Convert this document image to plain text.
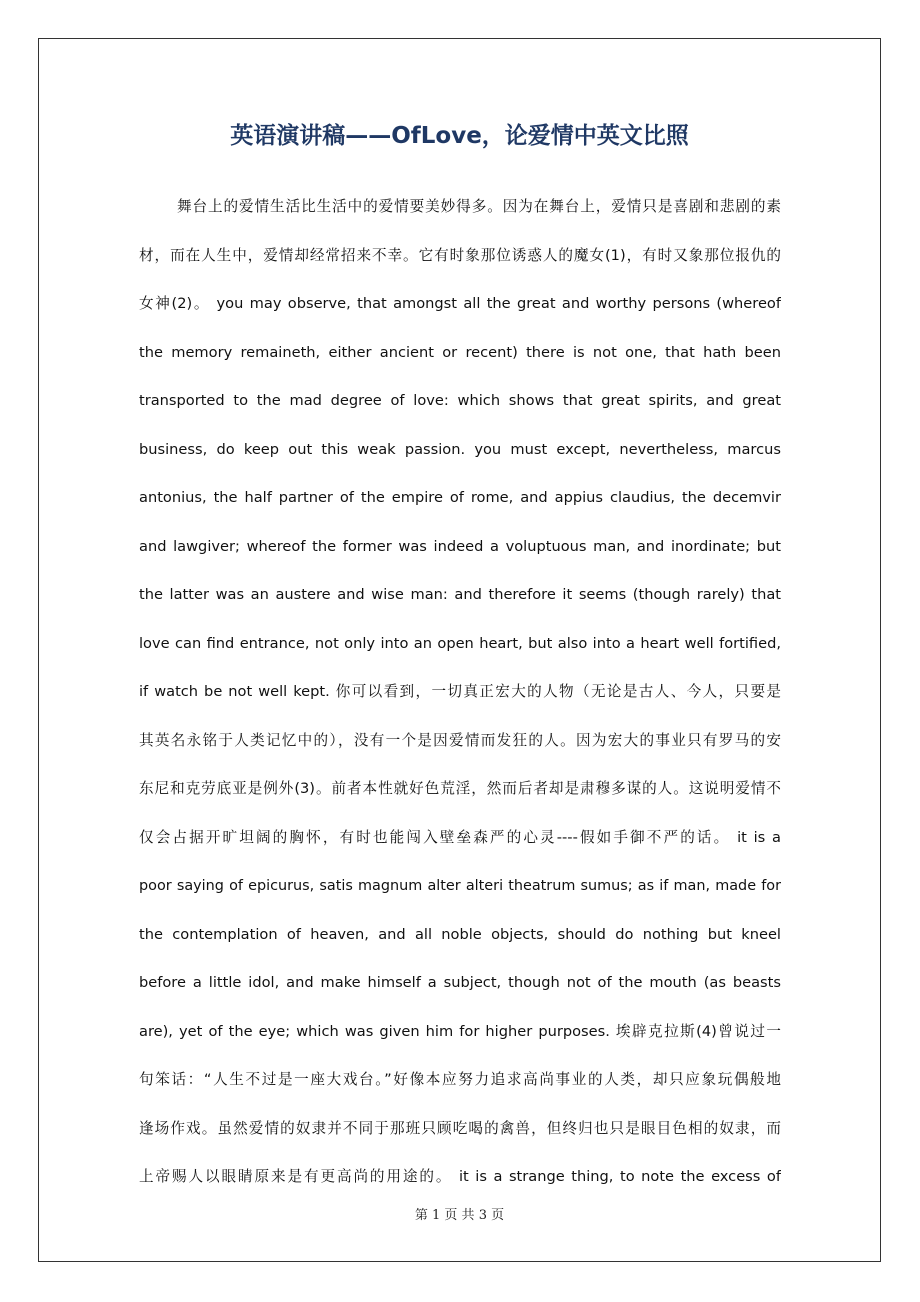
英语演讲稿——OfLove，论爱情中英文比照
舞台上的爱情生活比生活中的爱情要美妙得多。因为在舞台上，爱情只是喜剧和悲剧的素
材，而在人生中，爱情却经常招来不幸。它有时象那位诱惑人的魔女(1)，有时又象那位报仇的
女神(2)。 you may observe, that amongst all the great and worthy persons (whereof
the memory remaineth, either ancient or recent) there is not one, that hath been
transported to the mad degree of love: which shows that great spirits, and great
business, do keep out this weak passion. you must except, nevertheless, marcus
antonius, the half partner of the empire of rome, and appius claudius, the decemvir
and lawgiver; whereof the former was indeed a voluptuous man, and inordinate; but
the latter was an austere and wise man: and therefore it seems (though rarely) that
love can find entrance, not only into an open heart, but also into a heart well fortified,
if watch be not well kept. 你可以看到，一切真正宏大的人物（无论是古人、今人，只要是
其英名永铭于人类记忆中的），没有一个是因爱情而发狂的人。因为宏大的事业只有罗马的安
东尼和克劳底亚是例外(3)。前者本性就好色荒淫，然而后者却是肃穆多谋的人。这说明爱情不
仅会占据开旷坦阔的胸怀，有时也能闯入壁垒森严的心灵----假如手御不严的话。 it is a
poor saying of epicurus, satis magnum alter alteri theatrum sumus; as if man, made for
the contemplation of heaven, and all noble objects, should do nothing but kneel
before a little idol, and make himself a subject, though not of the mouth (as beasts
are), yet of the eye; which was given him for higher purposes. 埃辟克拉斯(4)曾说过一
句笨话：“人生不过是一座大戏台。”好像本应努力追求高尚事业的人类，却只应象玩偶般地
逢场作戏。虽然爱情的奴隶并不同于那班只顾吃喝的禽兽，但终归也只是眼目色相的奴隶，而
上帝赐人以眼睛原来是有更高尚的用途的。 it is a strange thing, to note the excess of
第 1 页 共 3 页
